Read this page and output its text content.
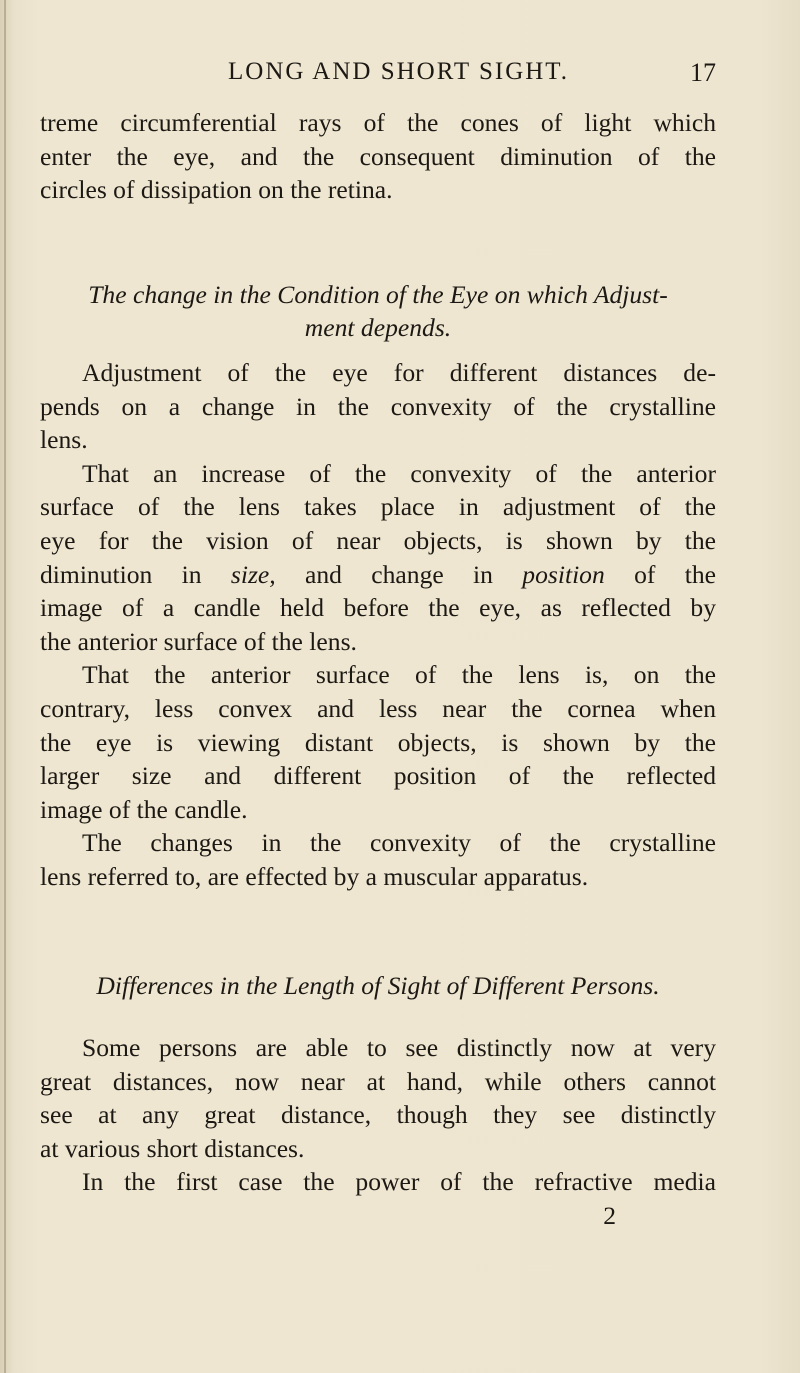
LONG AND SHORT SIGHT.	17
treme circumferential rays of the cones of light which
enter the eye, and the consequent diminution of the
circles of dissipation on the retina.
The change in the Condition of the Eye on which Adjust-
ment depends.
Adjustment of the eye for different distances de-
pends on a change in the convexity of the crystalline
lens.
That an increase of the convexity of the anterior
surface of the lens takes place in adjustment of the
eye for the vision of near objects, is shown by the
diminution in size, and change in position of the
image of a candle held before the eye, as reflected by
the anterior surface of the lens.
That the anterior surface of the lens is, on the
contrary, less convex and less near the cornea when
the eye is viewing distant objects, is shown by the
larger size and different position of the reflected
image of the candle.
The changes in the convexity of the crystalline
lens referred to, are effected by a muscular apparatus.
Differences in the Length of Sight of Different Persons.
Some persons are able to see distinctly now at very
great distances, now near at hand, while others cannot
see at any great distance, though they see distinctly
at various short distances.
In the first case the power of the refractive media
2
